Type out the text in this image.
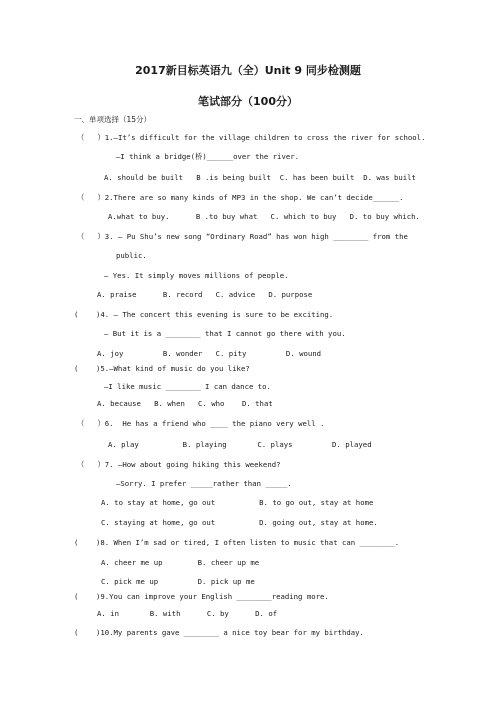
2017新目标英语九（全）Unit 9 同步检测题
笔试部分（100分）
一、单项选择（15分）
（   ）1.—It’s difficult for the village children to cross the river for school.
—I think a bridge(桥)______over the river.
A. should be built   B .is being built  C. has been built  D. was built
（   ）2.There are so many kinds of MP3 in the shop. We can’t decide______.
A.what to buy.      B .to buy what   C. which to buy   D. to buy which.
（   ）3. — Pu Shu’s new song “Ordinary Road” has won high ________ from the
public.
— Yes. It simply moves millions of people.
A. praise      B. record   C. advice   D. purpose
(    )4. — The concert this evening is sure to be exciting.
— But it is a ________ that I cannot go there with you.
A. joy         B. wonder   C. pity         D. wound
(    )5.—What kind of music do you like?
—I like music ________ I can dance to.
A. because   B. when   C. who    D. that
（   ）6.  He has a friend who ____ the piano very well .
A. play          B. playing       C. plays         D. played
（   ）7. —How about going hiking this weekend?
—Sorry. I prefer _____rather than _____.
A. to stay at home, go out          B. to go out, stay at home
C. staying at home, go out          D. going out, stay at home.
(    )8. When I’m sad or tired, I often listen to music that can ________.
A. cheer me up        B. cheer up me
C. pick me up         D. pick up me
(    )9.You can improve your English ________reading more.
A. in       B. with      C. by      D. of
(    )10.My parents gave ________ a nice toy bear for my birthday.
